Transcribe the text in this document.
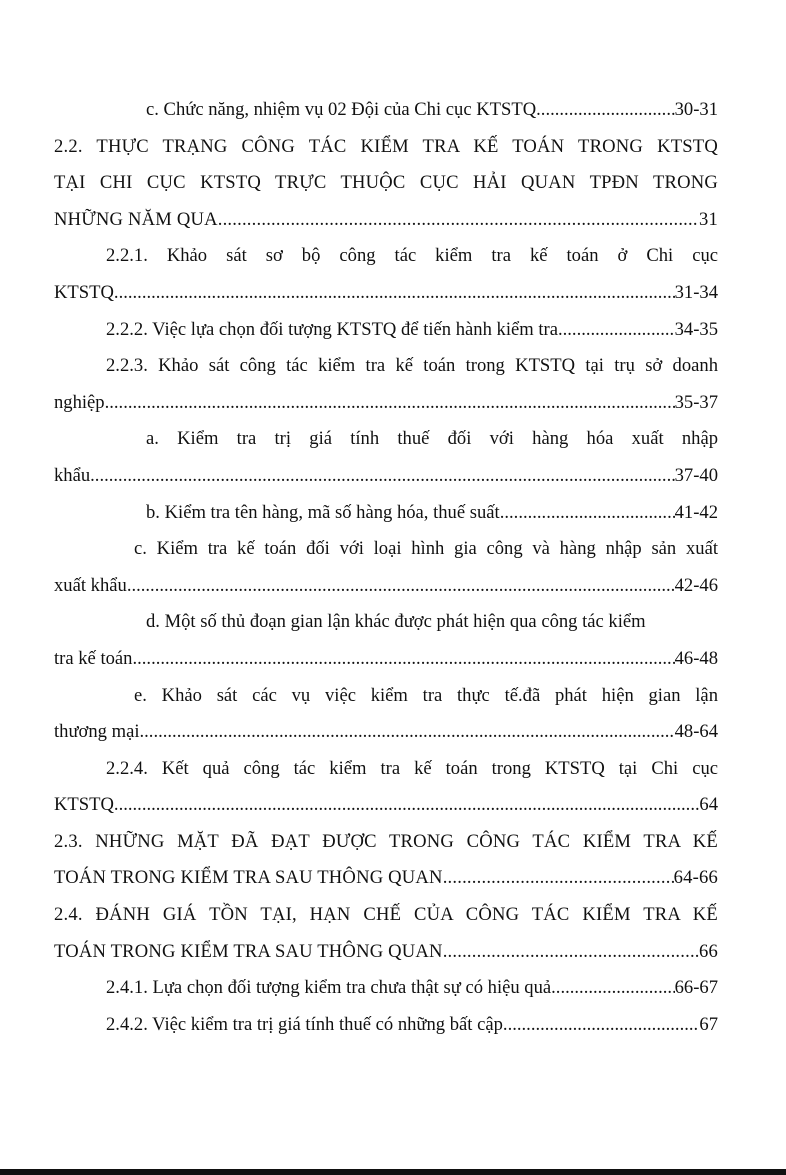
c. Chức năng, nhiệm vụ 02 Đội của Chi cục KTSTQ .....	30-31
2.2. THỰC TRẠNG CÔNG TÁC KIỂM TRA KẾ TOÁN TRONG KTSTQ
TẠI CHI CỤC KTSTQ TRỰC THUỘC CỤC HẢI QUAN TPĐN TRONG
NHỮNG NĂM QUA .....	31
2.2.1. Khảo sát sơ bộ công tác kiểm tra kế toán ở Chi cục
KTSTQ .....	31-34
2.2.2. Việc lựa chọn đối tượng KTSTQ để tiến hành kiểm tra .....	34-35
2.2.3. Khảo sát công tác kiểm tra kế toán trong KTSTQ tại trụ sở doanh
nghiệp .....	35-37
a. Kiểm tra trị giá tính thuế đối với hàng hóa xuất nhập
khẩu .....	37-40
b. Kiểm tra tên hàng, mã số hàng hóa, thuế suất .....	41-42
c. Kiểm tra kế toán đối với loại hình gia công và hàng nhập sản xuất
xuất khẩu .....	42-46
d. Một số thủ đoạn gian lận khác được phát hiện qua công tác kiểm
tra kế toán .....	46-48
e. Khảo sát các vụ việc kiểm tra thực tế.đã phát hiện gian lận
thương mại .....	48-64
2.2.4. Kết quả công tác kiểm tra kế toán trong KTSTQ tại Chi cục
KTSTQ .....	64
2.3. NHỮNG MẶT ĐÃ ĐẠT ĐƯỢC TRONG CÔNG TÁC KIỂM TRA KẾ
TOÁN TRONG KIỂM TRA SAU THÔNG QUAN .....	64-66
2.4. ĐÁNH GIÁ TỒN TẠI, HẠN CHẾ CỦA CÔNG TÁC KIỂM TRA KẾ
TOÁN TRONG KIỂM TRA SAU THÔNG QUAN .....	66
2.4.1. Lựa chọn đối tượng kiểm tra chưa thật sự có hiệu quả .....	66-67
2.4.2. Việc kiểm tra trị giá tính thuế có những bất cập .....	67
